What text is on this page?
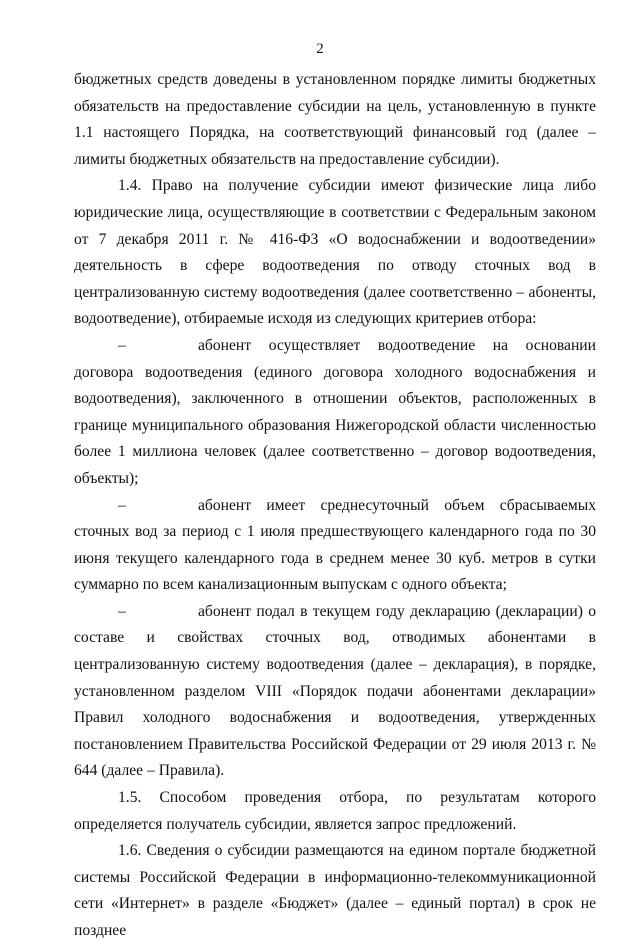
2

бюджетных средств доведены в установленном порядке лимиты бюджетных обязательств на предоставление субсидии на цель, установленную в пункте 1.1 настоящего Порядка, на соответствующий финансовый год (далее – лимиты бюджетных обязательств на предоставление субсидии).

1.4. Право на получение субсидии имеют физические лица либо юридические лица, осуществляющие в соответствии с Федеральным законом от 7 декабря 2011 г. № 416-ФЗ «О водоснабжении и водоотведении» деятельность в сфере водоотведения по отводу сточных вод в централизованную систему водоотведения (далее соответственно – абоненты, водоотведение), отбираемые исходя из следующих критериев отбора:

–	абонент осуществляет водоотведение на основании договора водоотведения (единого договора холодного водоснабжения и водоотведения), заключенного в отношении объектов, расположенных в границе муниципального образования Нижегородской области численностью более 1 миллиона человек (далее соответственно – договор водоотведения, объекты);

–	абонент имеет среднесуточный объем сбрасываемых сточных вод за период с 1 июля предшествующего календарного года по 30 июня текущего календарного года в среднем менее 30 куб. метров в сутки суммарно по всем канализационным выпускам с одного объекта;

–	абонент подал в текущем году декларацию (декларации) о составе и свойствах сточных вод, отводимых абонентами в централизованную систему водоотведения (далее – декларация), в порядке, установленном разделом VIII «Порядок подачи абонентами декларации» Правил холодного водоснабжения и водоотведения, утвержденных постановлением Правительства Российской Федерации от 29 июля 2013 г. № 644 (далее – Правила).

1.5. Способом проведения отбора, по результатам которого определяется получатель субсидии, является запрос предложений.

1.6. Сведения о субсидии размещаются на едином портале бюджетной системы Российской Федерации в информационно-телекоммуникационной сети «Интернет» в разделе «Бюджет» (далее – единый портал) в срок не позднее
